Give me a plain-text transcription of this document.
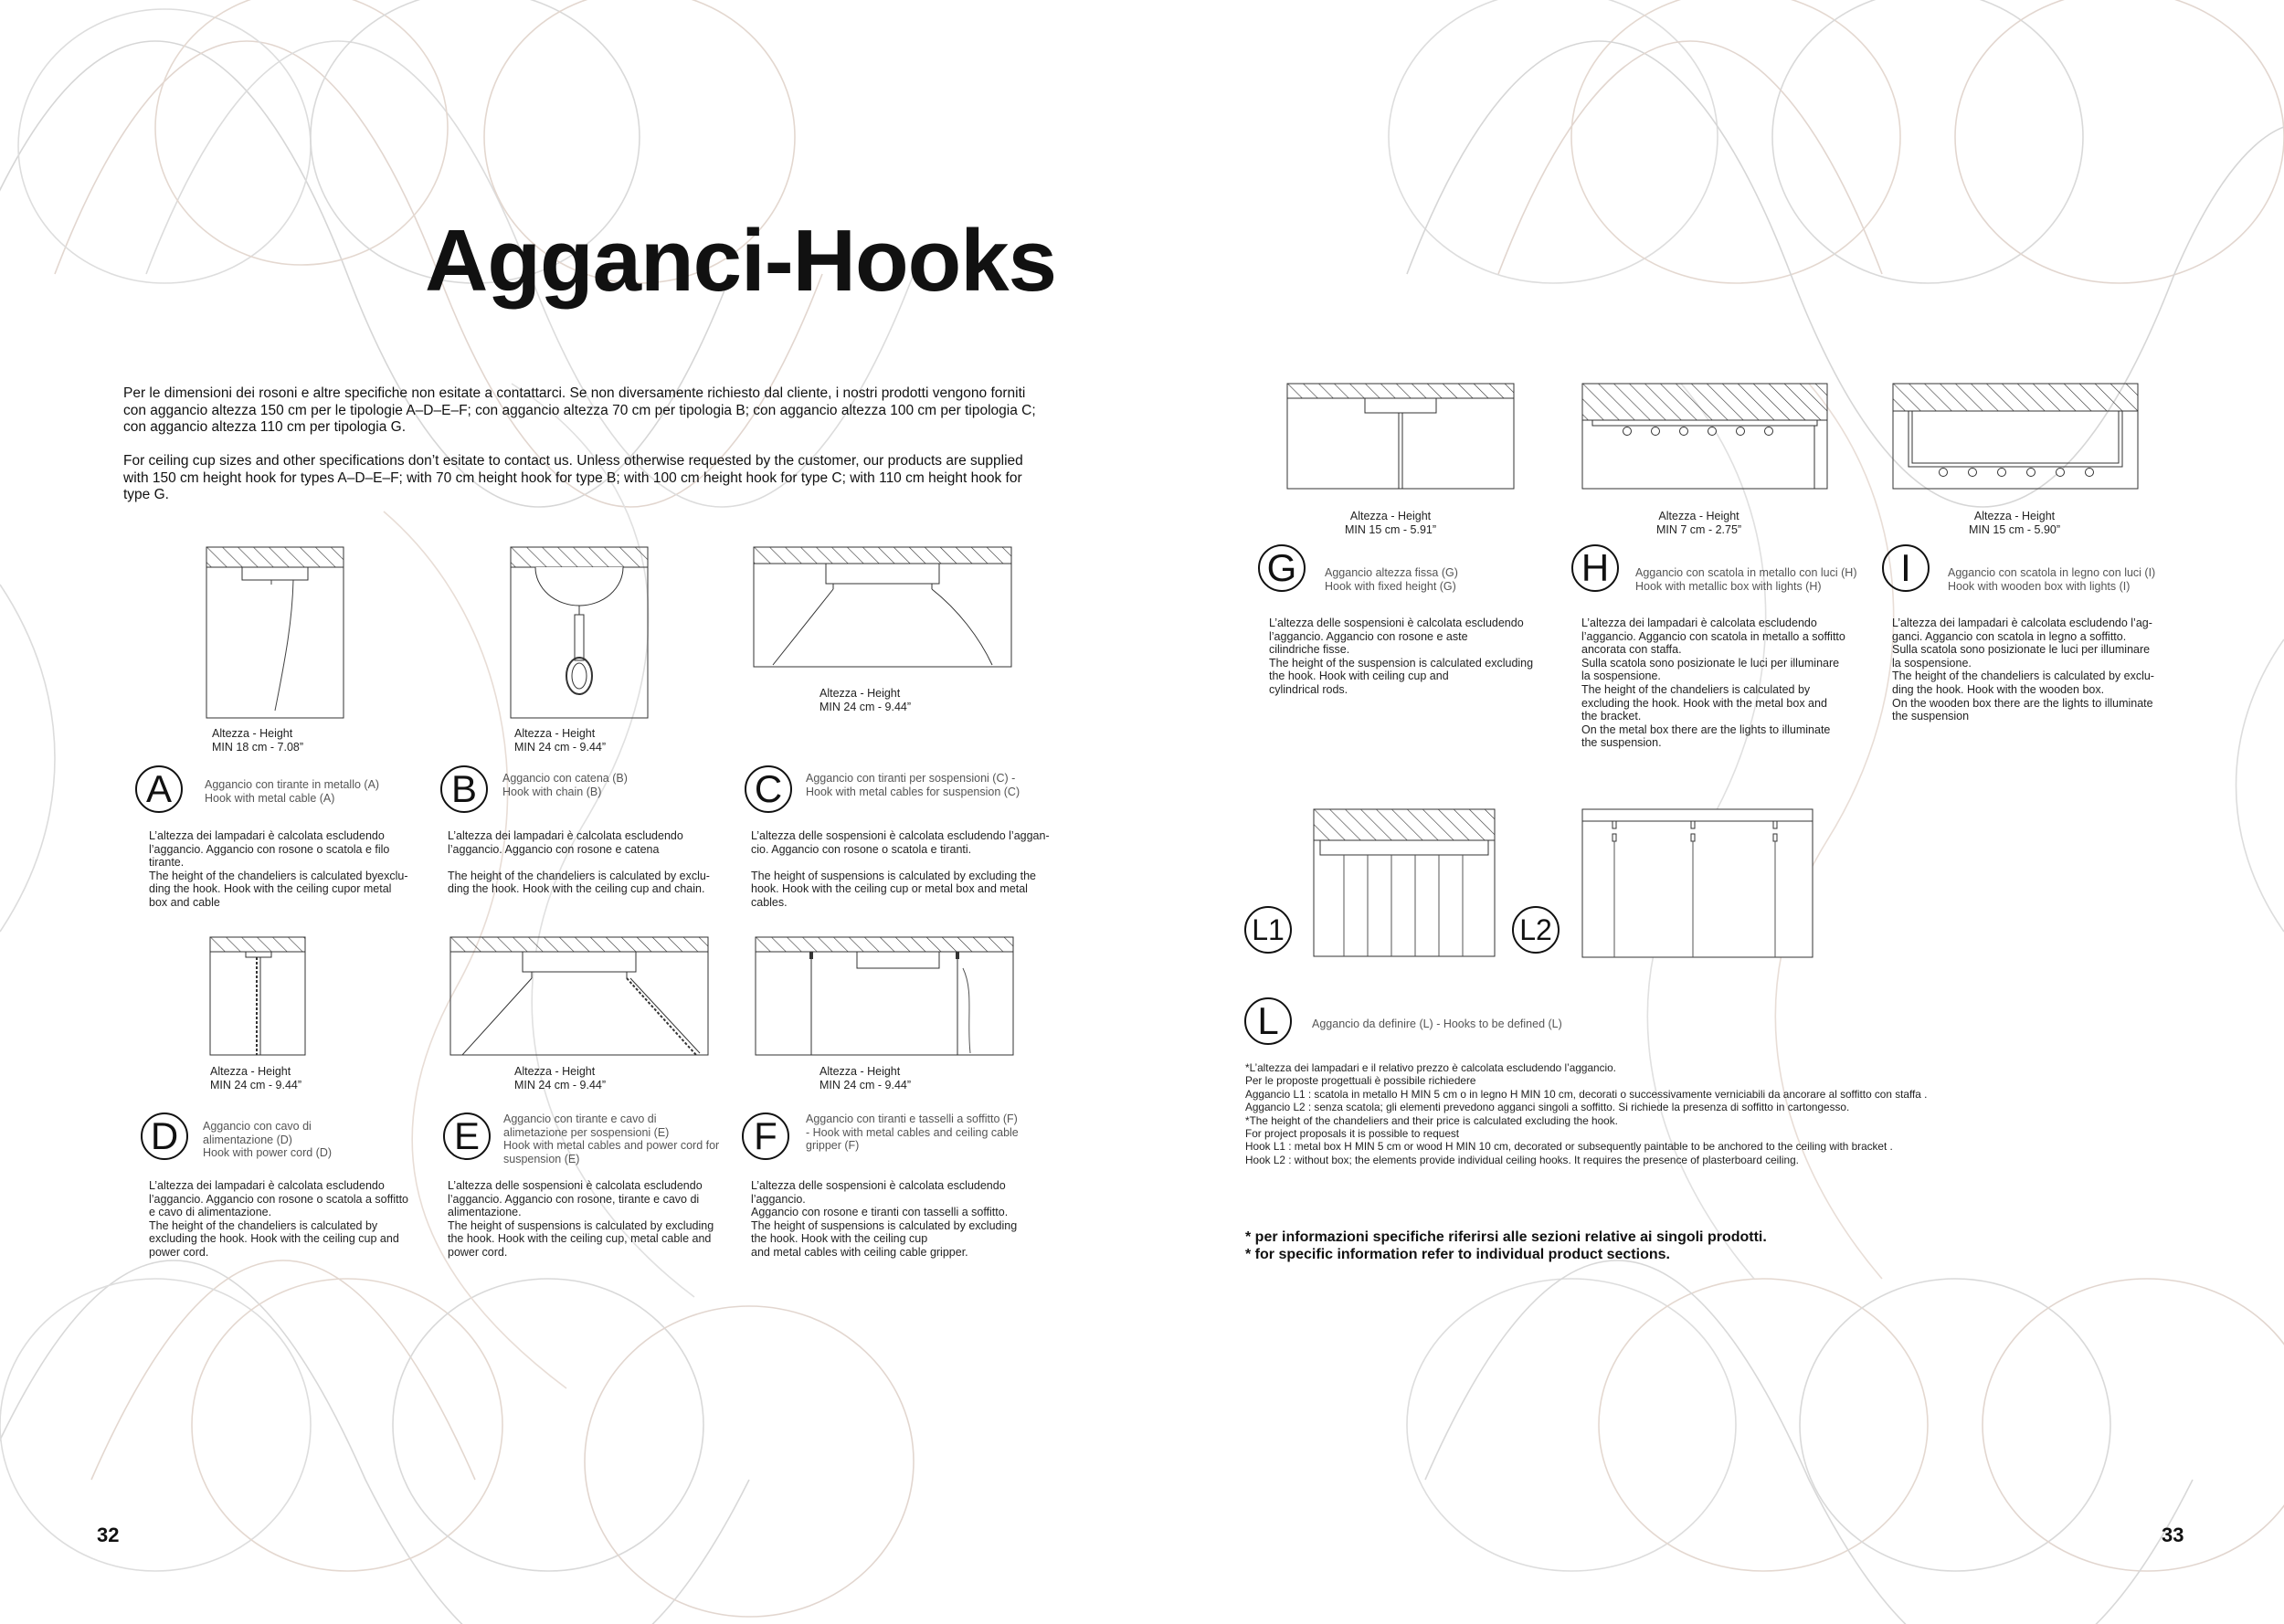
Agganci-Hooks
Per le dimensioni dei rosoni e altre specifiche non esitate a contattarci. Se non diversamente richiesto dal cliente, i nostri prodotti vengono forniti con aggancio altezza 150 cm per le tipologie A–D–E–F; con aggancio altezza 70 cm per tipologia B; con aggancio altezza 100 cm per tipologia C; con aggancio altezza 110 cm per tipologia G.
For ceiling cup sizes and other specifications don’t esitate to contact us. Unless otherwise requested by the customer, our products are supplied with 150 cm height hook for types A–D–E–F; with 70 cm height hook for type B; with 100 cm height hook for type C; with 110 cm height hook for type G.
Altezza - Height
MIN 18 cm - 7.08”
A	Aggancio con tirante in metallo (A)
Hook with metal cable (A)
L’altezza dei lampadari è calcolata escludendo
l’aggancio. Aggancio con rosone o scatola e filo
tirante.
The height of the chandeliers is calculated byexclu-
ding the hook. Hook with the ceiling cupor metal
box and cable
Altezza - Height
MIN 24 cm - 9.44”
B	Aggancio con catena (B)
Hook with chain (B)
L’altezza dei lampadari è calcolata escludendo
l’aggancio. Aggancio con rosone e catena

The height of the chandeliers is calculated by exclu-
ding the hook. Hook with the ceiling cup and chain.
Altezza - Height
MIN 24 cm - 9.44”
C	Aggancio con tiranti per sospensioni (C) -
Hook with metal cables for suspension (C)
L’altezza delle sospensioni è calcolata escludendo l’aggan-
cio. Aggancio con rosone o scatola e tiranti.

The height of suspensions is calculated by excluding the
hook. Hook with the ceiling cup or metal box and metal
cables.
Altezza - Height
MIN 24 cm - 9.44”
D	Aggancio con cavo di
alimentazione (D)
Hook with power cord (D)
L’altezza dei lampadari è calcolata escludendo
l’aggancio. Aggancio con rosone o scatola a soffitto
e cavo di alimentazione.
The height of the chandeliers is calculated by
excluding the hook. Hook with the ceiling cup and
power cord.
Altezza - Height
MIN 24 cm - 9.44”
E	Aggancio con tirante e cavo di
alimetazione per sospensioni (E)
Hook with metal cables and power cord for
suspension (E)
L’altezza delle sospensioni è calcolata escludendo
l’aggancio. Aggancio con rosone, tirante e cavo di
alimentazione.
The height of suspensions is calculated by excluding
the hook. Hook with the ceiling cup, metal cable and
power cord.
Altezza - Height
MIN 24 cm - 9.44”
F	Aggancio con tiranti e tasselli a soffitto (F)
- Hook with metal cables and ceiling cable
gripper (F)
L’altezza delle sospensioni è calcolata escludendo
l’aggancio.
Aggancio con rosone e tiranti con tasselli a soffitto.
The height of suspensions is calculated by excluding
the hook. Hook with the ceiling cup
and metal cables with ceiling cable gripper.
Altezza - Height
MIN 15 cm - 5.91”
G	Aggancio altezza fissa (G)
Hook with fixed height (G)
L’altezza delle sospensioni è calcolata escludendo
l’aggancio. Aggancio con rosone e aste
cilindriche fisse.
The height of the suspension is calculated excluding
the hook. Hook with ceiling cup and
cylindrical rods.
Altezza - Height
MIN 7 cm - 2.75”
H	Aggancio con scatola in metallo con luci (H)
Hook with metallic box with lights (H)
L’altezza dei lampadari è calcolata escludendo
l’aggancio. Aggancio con scatola in metallo a soffitto
ancorata con staffa.
Sulla scatola sono posizionate le luci per illuminare
la sospensione.
The height of the chandeliers is calculated by
excluding the hook. Hook with the metal box and
the bracket.
On the metal box there are the lights to illuminate
the suspension.
Altezza - Height
MIN 15 cm - 5.90”
I	Aggancio con scatola in legno con luci (I)
Hook with wooden box with lights (I)
L’altezza dei lampadari è calcolata escludendo l’ag-
ganci. Aggancio con scatola in legno a soffitto.
Sulla scatola sono posizionate le luci per illuminare
la sospensione.
The height of the chandeliers is calculated by exclu-
ding the hook. Hook with the wooden box.
On the wooden box there are the lights to illuminate
the suspension
L1	L2
L	Aggancio da definire (L) - Hooks to be defined (L)
*L’altezza dei lampadari e il relativo prezzo è calcolata escludendo l’aggancio.
Per le proposte progettuali è possibile richiedere
Aggancio L1 : scatola in metallo H MIN 5 cm o in legno H MIN 10 cm, decorati o successivamente verniciabili da ancorare al soffitto con staffa .
Aggancio L2 : senza scatola; gli elementi prevedono agganci singoli a soffitto. Si richiede la presenza di soffitto in cartongesso.
*The height of the chandeliers and their price is calculated excluding the hook.
For project proposals it is possible to request
Hook L1 : metal box H MIN 5 cm or wood H MIN 10 cm, decorated or subsequently paintable to be anchored to the ceiling with bracket .
Hook L2 : without box; the elements provide individual ceiling hooks. It requires the presence of plasterboard ceiling.
* per informazioni specifiche riferirsi alle sezioni relative ai singoli prodotti.
* for specific information refer to individual product sections.
32	33
